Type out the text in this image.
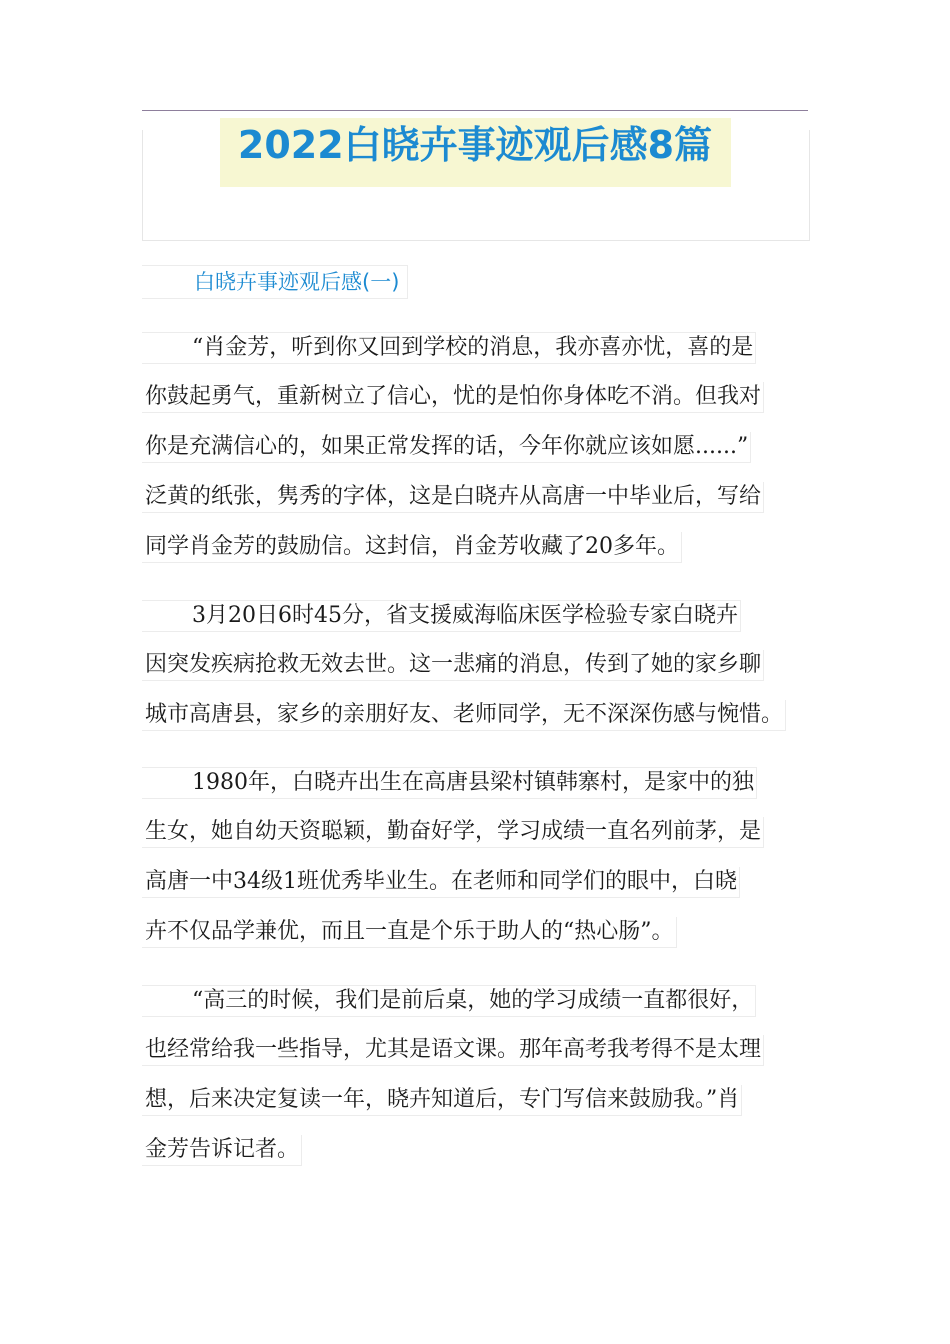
2022白晓卉事迹观后感8篇
白晓卉事迹观后感(一)
“肖金芳，听到你又回到学校的消息，我亦喜亦忧，喜的是
你鼓起勇气，重新树立了信心，忧的是怕你身体吃不消。但我对
你是充满信心的，如果正常发挥的话，今年你就应该如愿......”
泛黄的纸张，隽秀的字体，这是白晓卉从高唐一中毕业后，写给
同学肖金芳的鼓励信。这封信，肖金芳收藏了20多年。
3月20日6时45分，省支援威海临床医学检验专家白晓卉
因突发疾病抢救无效去世。这一悲痛的消息，传到了她的家乡聊
城市高唐县，家乡的亲朋好友、老师同学，无不深深伤感与惋惜。
1980年，白晓卉出生在高唐县梁村镇韩寨村，是家中的独
生女，她自幼天资聪颖，勤奋好学，学习成绩一直名列前茅，是
高唐一中34级1班优秀毕业生。在老师和同学们的眼中，白晓
卉不仅品学兼优，而且一直是个乐于助人的“热心肠”。
“高三的时候，我们是前后桌，她的学习成绩一直都很好，
也经常给我一些指导，尤其是语文课。那年高考我考得不是太理
想，后来决定复读一年，晓卉知道后，专门写信来鼓励我。”肖
金芳告诉记者。
